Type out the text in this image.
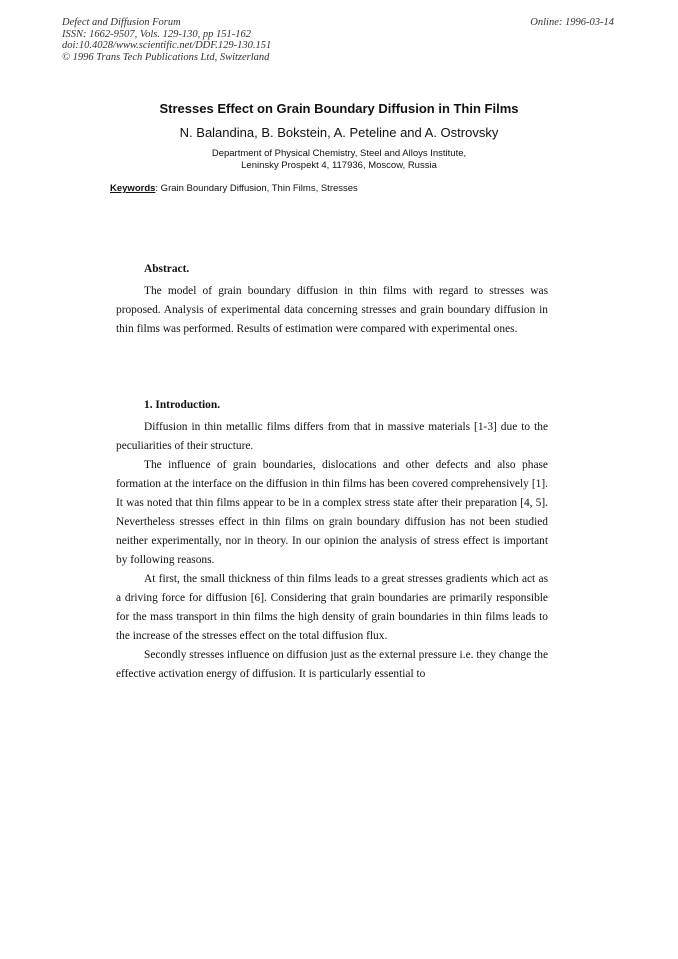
Defect and Diffusion Forum
ISSN: 1662-9507, Vols. 129-130, pp 151-162
doi:10.4028/www.scientific.net/DDF.129-130.151
© 1996 Trans Tech Publications Ltd, Switzerland
Online: 1996-03-14
Stresses Effect on Grain Boundary Diffusion in Thin Films
N. Balandina, B. Bokstein, A. Peteline and A. Ostrovsky
Department of Physical Chemistry, Steel and Alloys Institute,
Leninsky Prospekt 4, 117936, Moscow, Russia
Keywords: Grain Boundary Diffusion, Thin Films, Stresses
Abstract.

The model of grain boundary diffusion in thin films with regard to stresses was proposed. Analysis of experimental data concerning stresses and grain boundary diffusion in thin films was performed. Results of estimation were compared with experimental ones.

1. Introduction.

Diffusion in thin metallic films differs from that in massive materials [1-3] due to the peculiarities of their structure.

The influence of grain boundaries, dislocations and other defects and also phase formation at the interface on the diffusion in thin films has been covered comprehensively [1]. It was noted that thin films appear to be in a complex stress state after their preparation [4, 5]. Nevertheless stresses effect in thin films on grain boundary diffusion has not been studied neither experimentally, nor in theory. In our opinion the analysis of stress effect is important by following reasons.

At first, the small thickness of thin films leads to a great stresses gradients which act as a driving force for diffusion [6]. Considering that grain boundaries are primarily responsible for the mass transport in thin films the high density of grain boundaries in thin films leads to the increase of the stresses effect on the total diffusion flux.

Secondly stresses influence on diffusion just as the external pressure i.e. they change the effective activation energy of diffusion. It is particularly essential to
